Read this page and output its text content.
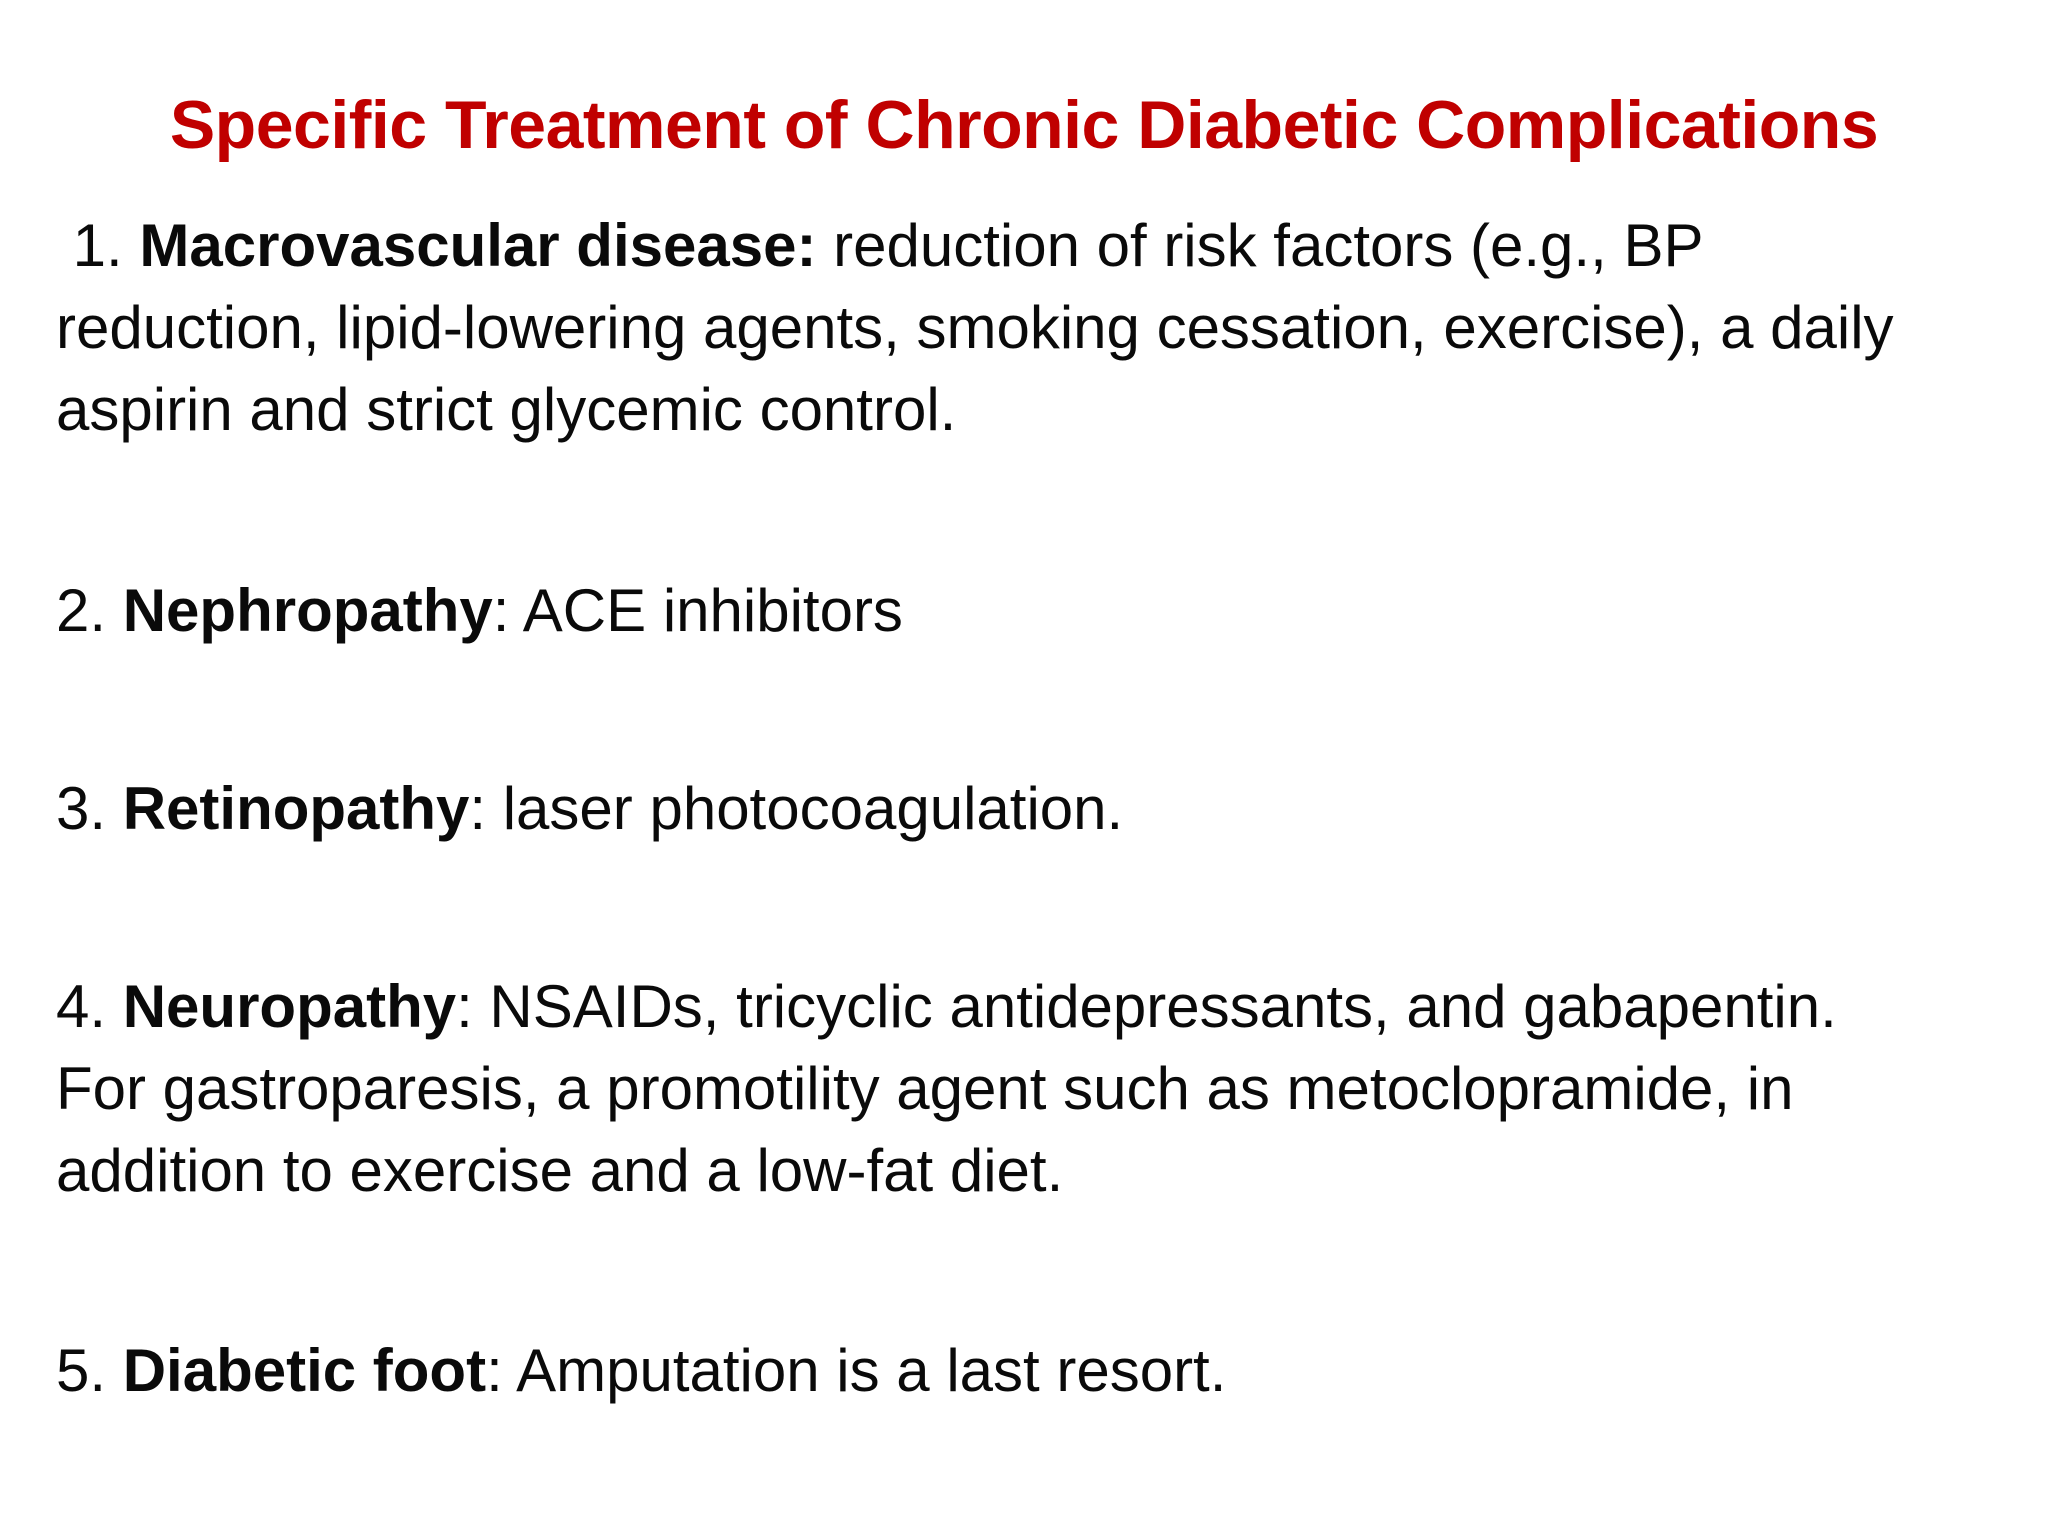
Specific Treatment of Chronic Diabetic Complications
1. Macrovascular disease: reduction of risk factors (e.g., BP
reduction, lipid-lowering agents, smoking cessation, exercise), a daily
aspirin and strict glycemic control.
2. Nephropathy: ACE inhibitors
3. Retinopathy: laser photocoagulation.
4. Neuropathy: NSAIDs, tricyclic antidepressants, and gabapentin.
For gastroparesis, a promotility agent such as metoclopramide, in
addition to exercise and a low-fat diet.
5. Diabetic foot: Amputation is a last resort.
